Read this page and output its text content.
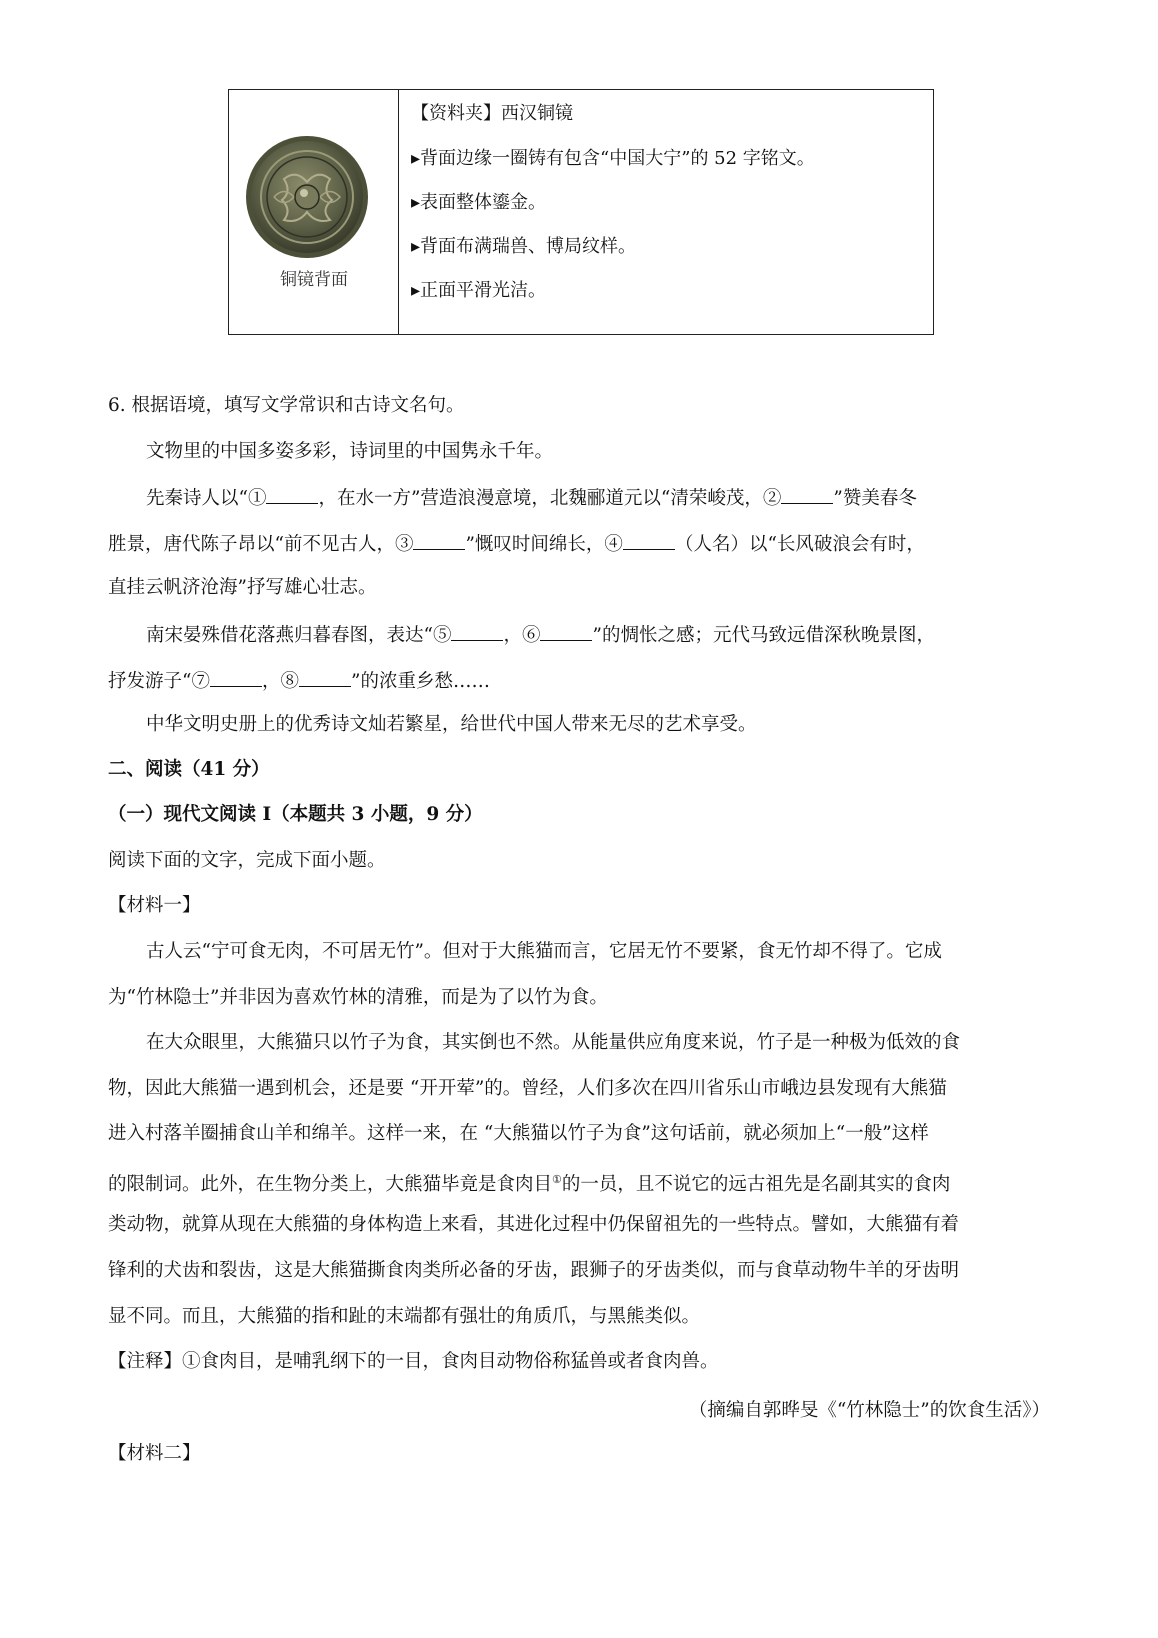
铜镜背面
【资料夹】西汉铜镜
▸背面边缘一圈铸有包含“中国大宁”的 52 字铭文。
▸表面整体鎏金。
▸背面布满瑞兽、博局纹样。
▸正面平滑光洁。
6. 根据语境，填写文学常识和古诗文名句。
文物里的中国多姿多彩，诗词里的中国隽永千年。
先秦诗人以“①	，在水一方”营造浪漫意境，北魏郦道元以“清荣峻茂，②	”赞美春冬
胜景，唐代陈子昂以“前不见古人，③	”慨叹时间绵长，④	（人名）以“长风破浪会有时，
直挂云帆济沧海”抒写雄心壮志。
南宋晏殊借花落燕归暮春图，表达“⑤	，⑥	”的惆怅之感；元代马致远借深秋晚景图，
抒发游子“⑦	，⑧	”的浓重乡愁……
中华文明史册上的优秀诗文灿若繁星，给世代中国人带来无尽的艺术享受。
二、阅读（41 分）
（一）现代文阅读 I（本题共 3 小题，9 分）
阅读下面的文字，完成下面小题。
【材料一】
古人云“宁可食无肉，不可居无竹”。但对于大熊猫而言，它居无竹不要紧，食无竹却不得了。它成
为“竹林隐士”并非因为喜欢竹林的清雅，而是为了以竹为食。
在大众眼里，大熊猫只以竹子为食，其实倒也不然。从能量供应角度来说，竹子是一种极为低效的食
物，因此大熊猫一遇到机会，还是要 “开开荤”的。曾经，人们多次在四川省乐山市峨边县发现有大熊猫
进入村落羊圈捕食山羊和绵羊。这样一来，在 “大熊猫以竹子为食”这句话前，就必须加上“一般”这样
的限制词。此外，在生物分类上，大熊猫毕竟是食肉目①的一员，且不说它的远古祖先是名副其实的食肉
类动物，就算从现在大熊猫的身体构造上来看，其进化过程中仍保留祖先的一些特点。譬如，大熊猫有着
锋利的犬齿和裂齿，这是大熊猫撕食肉类所必备的牙齿，跟狮子的牙齿类似，而与食草动物牛羊的牙齿明
显不同。而且，大熊猫的指和趾的末端都有强壮的角质爪，与黑熊类似。
【注释】①食肉目，是哺乳纲下的一目，食肉目动物俗称猛兽或者食肉兽。
（摘编自郭晔旻《“竹林隐士”的饮食生活》）
【材料二】
